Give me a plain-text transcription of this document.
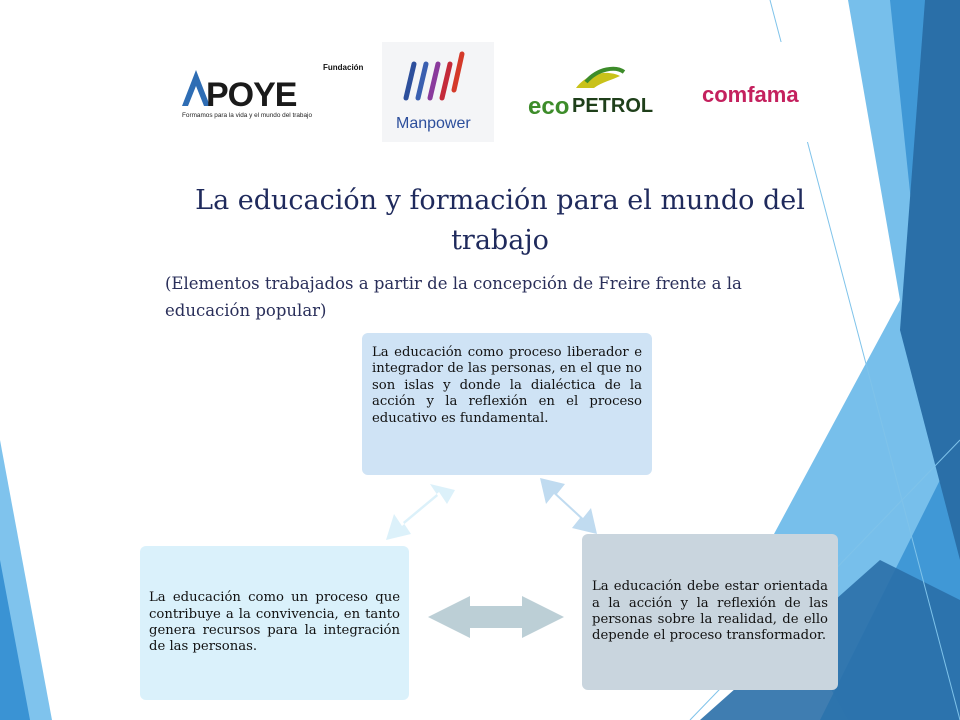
Fundación
POYE
Formamos para la vida y el mundo del trabajo	Manpower
eco PETROL comfama
La educación y formación para el mundo del trabajo

(Elementos trabajados a partir de la concepción de Freire frente a la educación popular)

La educación como proceso liberador e integrador de las personas, en el que no son islas y donde la dialéctica de la acción y la reflexión en el proceso educativo es fundamental.
La educación debe estar orientada a la acción y la reflexión de las personas sobre la realidad, de ello depende el proceso transformador.
La educación como un proceso que contribuye a la convivencia, en tanto genera recursos para la integración de las personas.
